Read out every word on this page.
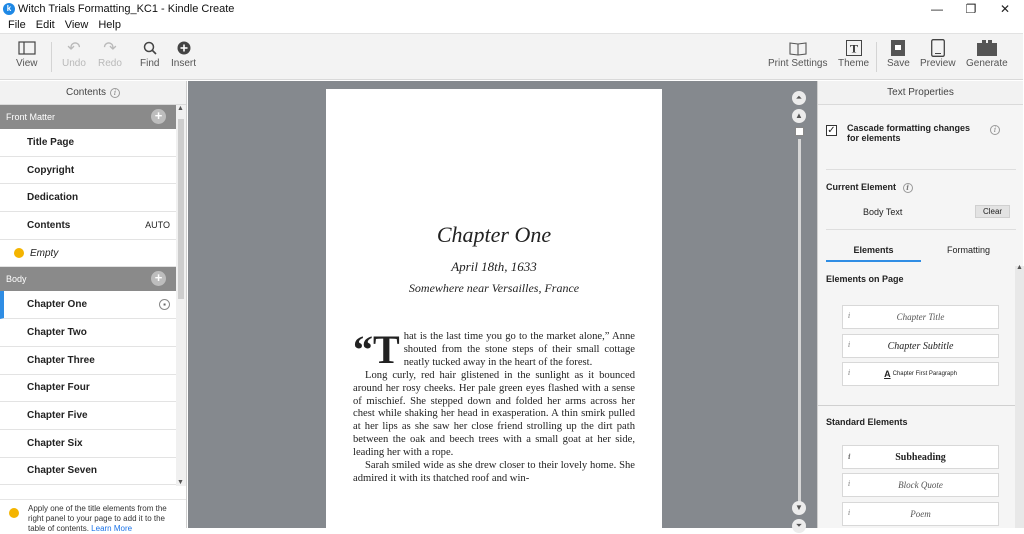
k Witch Trials Formatting_KC1 - Kindle Create	—	❐	✕
File Edit View Help
View
↶
Undo
↷
Redo Find Insert	Print Settings
T
Theme Save Preview Generate
Contents	i
Front Matter	+
Title Page
Copyright
Dedication
Contents	AUTO
Empty
Body	+
Chapter One	▪
Chapter Two
Chapter Three
Chapter Four
Chapter Five
Chapter Six
Chapter Seven
▲
▼
Apply one of the title elements from the right panel to your page to add it to the table of contents. Learn More
Chapter One
April 18th, 1633
Somewhere near Versailles, France

“That is the last time you go to the market alone,” Anne shouted from the stone steps of their small cottage neatly tucked away in the heart of the forest.

Long curly, red hair glistened in the sunlight as it bounced around her rosy cheeks. Her pale green eyes flashed with a sense of mischief. She stepped down and folded her arms across her chest while shaking her head in exasperation. A thin smirk pulled at her lips as she saw her close friend strolling up the dirt path between the oak and beech trees with a small goat at her side, leading her with a rope.

Sarah smiled wide as she drew closer to their lovely home. She admired it with its thatched roof and win-

⏶
▲
▼
⏷
Text Properties
✓ Cascade formatting changes for elements
i
Current Element i
Body Text	Clear
Elements	Formatting
Elements on Page
i	Chapter Title
i	Chapter Subtitle
i	A Chapter First Paragraph
Standard Elements
i	Subheading
i	Block Quote
i	Poem
▲
